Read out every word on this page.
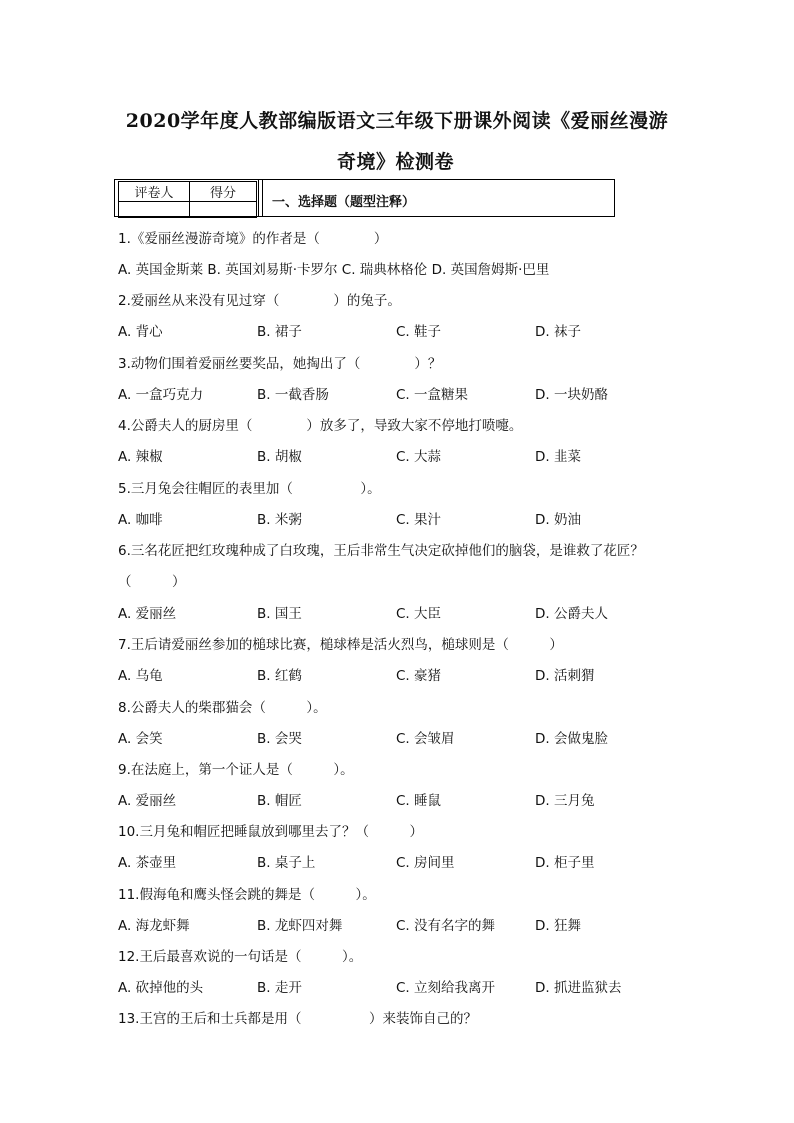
2020学年度人教部编版语文三年级下册课外阅读《爱丽丝漫游
奇境》检测卷
评卷人	得分

一、选择题（题型注释）
1.《爱丽丝漫游奇境》的作者是（　　　　）
A. 英国金斯莱 B. 英国刘易斯·卡罗尔 C. 瑞典林格伦 D. 英国詹姆斯·巴里
2.爱丽丝从来没有见过穿（　　　　）的兔子。
A. 背心	B. 裙子	C. 鞋子	D. 袜子
3.动物们围着爱丽丝要奖品，她掏出了（　　　　）？
A. 一盒巧克力	B. 一截香肠	C. 一盒糖果	D. 一块奶酪
4.公爵夫人的厨房里（　　　　）放多了，导致大家不停地打喷嚏。
A. 辣椒	B. 胡椒	C. 大蒜	D. 韭菜
5.三月兔会往帽匠的表里加（　　　　　）。
A. 咖啡	B. 米粥	C. 果汁	D. 奶油
6.三名花匠把红玫瑰种成了白玫瑰，王后非常生气决定砍掉他们的脑袋，是谁救了花匠？
（　　　）
A. 爱丽丝	B. 国王	C. 大臣	D. 公爵夫人
7.王后请爱丽丝参加的槌球比赛，槌球棒是活火烈鸟，槌球则是（　　　）
A. 乌龟	B. 红鹤	C. 豪猪	D. 活刺猬
8.公爵夫人的柴郡猫会（　　　）。
A. 会笑	B. 会哭	C. 会皱眉	D. 会做鬼脸
9.在法庭上，第一个证人是（　　　）。
A. 爱丽丝	B. 帽匠	C. 睡鼠	D. 三月兔
10.三月兔和帽匠把睡鼠放到哪里去了？（　　　）
A. 茶壶里	B. 桌子上	C. 房间里	D. 柜子里
11.假海龟和鹰头怪会跳的舞是（　　　）。
A. 海龙虾舞	B. 龙虾四对舞	C. 没有名字的舞	D. 狂舞
12.王后最喜欢说的一句话是（　　　）。
A. 砍掉他的头	B. 走开	C. 立刻给我离开	D. 抓进监狱去
13.王宫的王后和士兵都是用（　　　　　）来装饰自己的？
